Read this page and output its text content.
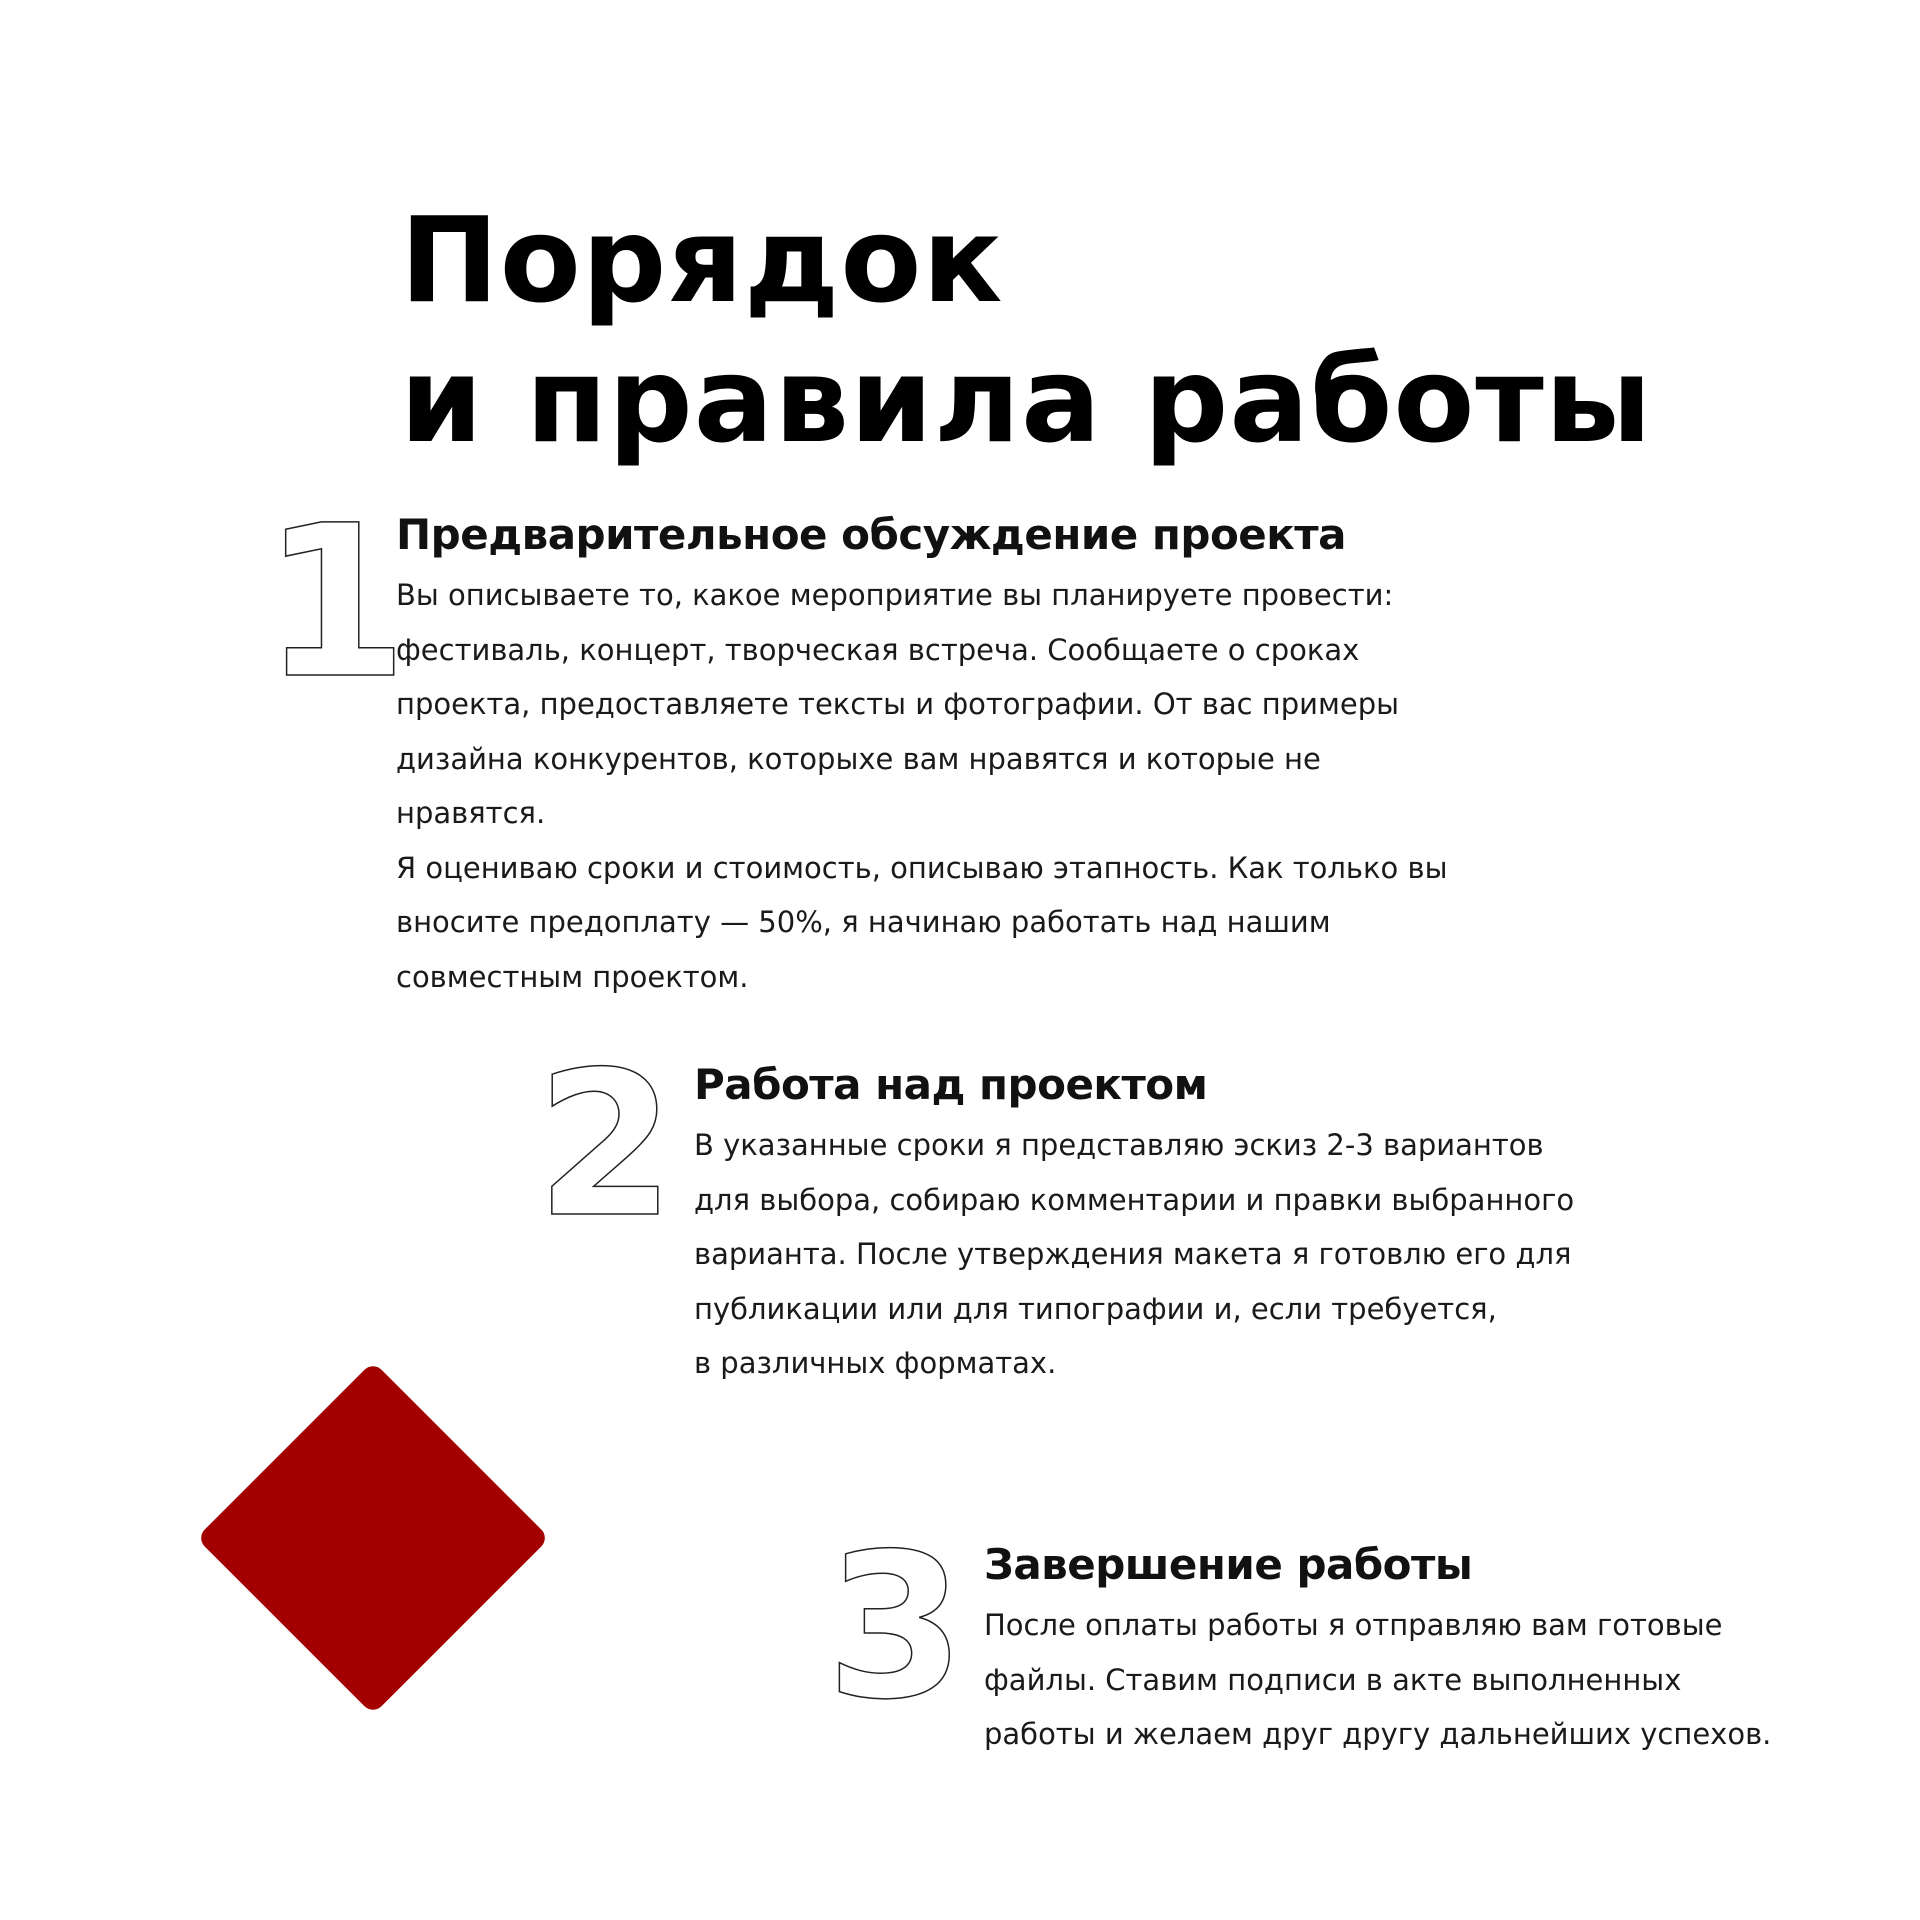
Порядок
и правила работы
1
Предварительное обсуждение проекта

Вы описываете то, какое мероприятие вы планируете провести:
фестиваль, концерт, творческая встреча. Сообщаете о сроках
проекта, предоставляете тексты и фотографии. От вас примеры
дизайна конкурентов, которыхе вам нравятся и которые не
нравятся.
Я оцениваю сроки и стоимость, описываю этапность. Как только вы
вносите предоплату — 50%, я начинаю работать над нашим
совместным проектом.

2 Работа над проектом

В указанные сроки я представляю эскиз 2-3 вариантов
для выбора, собираю комментарии и правки выбранного
варианта. После утверждения макета я готовлю его для
публикации или для типографии и, если требуется,
в различных форматах.

3 Завершение работы

После оплаты работы я отправляю вам готовые
файлы. Ставим подписи в акте выполненных
работы и желаем друг другу дальнейших успехов.
